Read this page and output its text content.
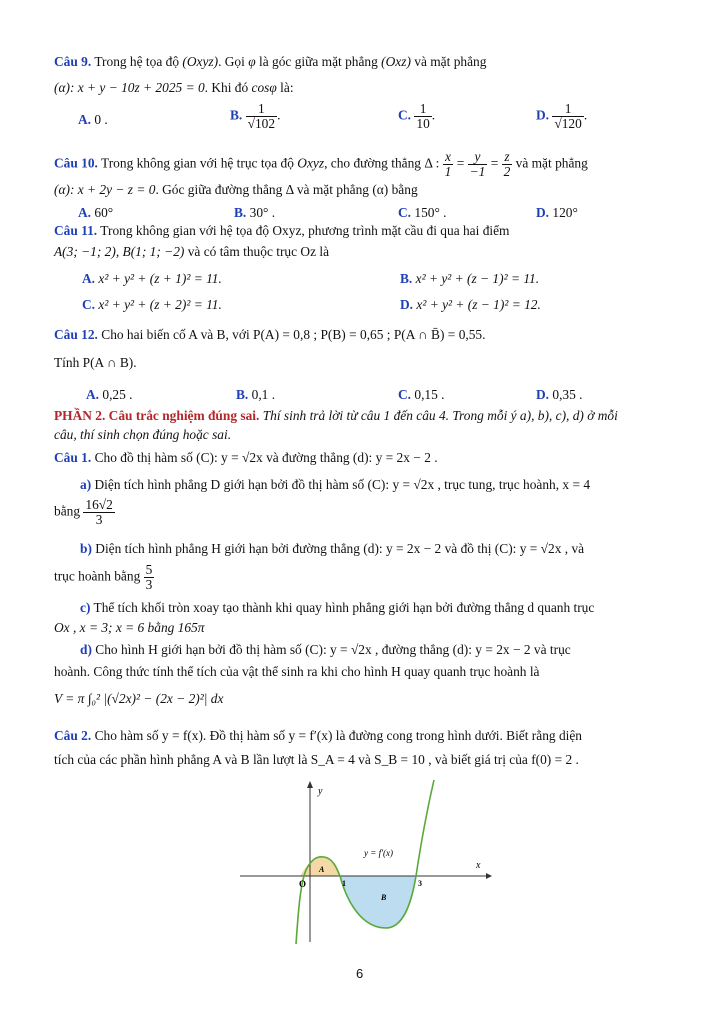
Câu 9. Trong hệ tọa độ (Oxyz). Gọi φ là góc giữa mặt phẳng (Oxz) và mặt phẳng
(α): x + y − 10z + 2025 = 0. Khi đó cosφ là:
A. 0 .	B. $\frac{1}{√102}$ .	C. $\frac{1}{10}$ .	D. $\frac{1}{√120}$ .
Câu 10. Trong không gian với hệ trục tọa độ Oxyz, cho đường thẳng Δ : $\frac{x}{1} = \frac{y}{-1} = \frac{z}{2}$ và mặt phẳng
(α): x + 2y − z = 0. Góc giữa đường thẳng Δ và mặt phẳng (α) bằng
A. 60°	B. 30° .	C. 150° .	D. 120°
Câu 11. Trong không gian với hệ tọa độ Oxyz, phương trình mặt cầu đi qua hai điểm
A(3; −1; 2), B(1; 1; −2) và có tâm thuộc trục Oz là
A. x² + y² + (z + 1)² = 11.	B. x² + y² + (z − 1)² = 11.
C. x² + y² + (z + 2)² = 11.	D. x² + y² + (z − 1)² = 12.
Câu 12. Cho hai biến cố A và B, với P(A) = 0,8 ; P(B) = 0,65 ; P(A ∩ B̄) = 0,55.
Tính P(A ∩ B).
A. 0,25 .	B. 0,1 .	C. 0,15 .	D. 0,35 .
PHẦN 2. Câu trắc nghiệm đúng sai. Thí sinh trả lời từ câu 1 đến câu 4. Trong mỗi ý a), b), c), d) ở mỗi
câu, thí sinh chọn đúng hoặc sai.
Câu 1. Cho đồ thị hàm số (C): y = √2x và đường thẳng (d): y = 2x − 2 .
a) Diện tích hình phẳng D giới hạn bởi đồ thị hàm số (C): y = √2x , trục tung, trục hoành, x = 4
bằng $\frac{16√2}{3}$
b) Diện tích hình phẳng H giới hạn bởi đường thẳng (d): y = 2x − 2 và đồ thị (C): y = √2x , và
trục hoành bằng $\frac{5}{3}$
c) Thể tích khối tròn xoay tạo thành khi quay hình phẳng giới hạn bởi đường thẳng d quanh trục
Ox , x = 3; x = 6 bằng 165π
d) Cho hình H giới hạn bởi đồ thị hàm số (C): y = √2x , đường thẳng (d): y = 2x − 2 và trục
hoành. Công thức tính thể tích của vật thể sinh ra khi cho hình H quay quanh trục hoành là
V = π ∫₀² |(√2x)² − (2x − 2)²| dx
Câu 2. Cho hàm số y = f(x). Đồ thị hàm số y = f′(x) là đường cong trong hình dưới. Biết rằng diện
tích của các phần hình phẳng A và B lần lượt là S_A = 4 và S_B = 10 , và biết giá trị của f(0) = 2 .
y
x
O	1	3
y = f′(x)
A
B
6
